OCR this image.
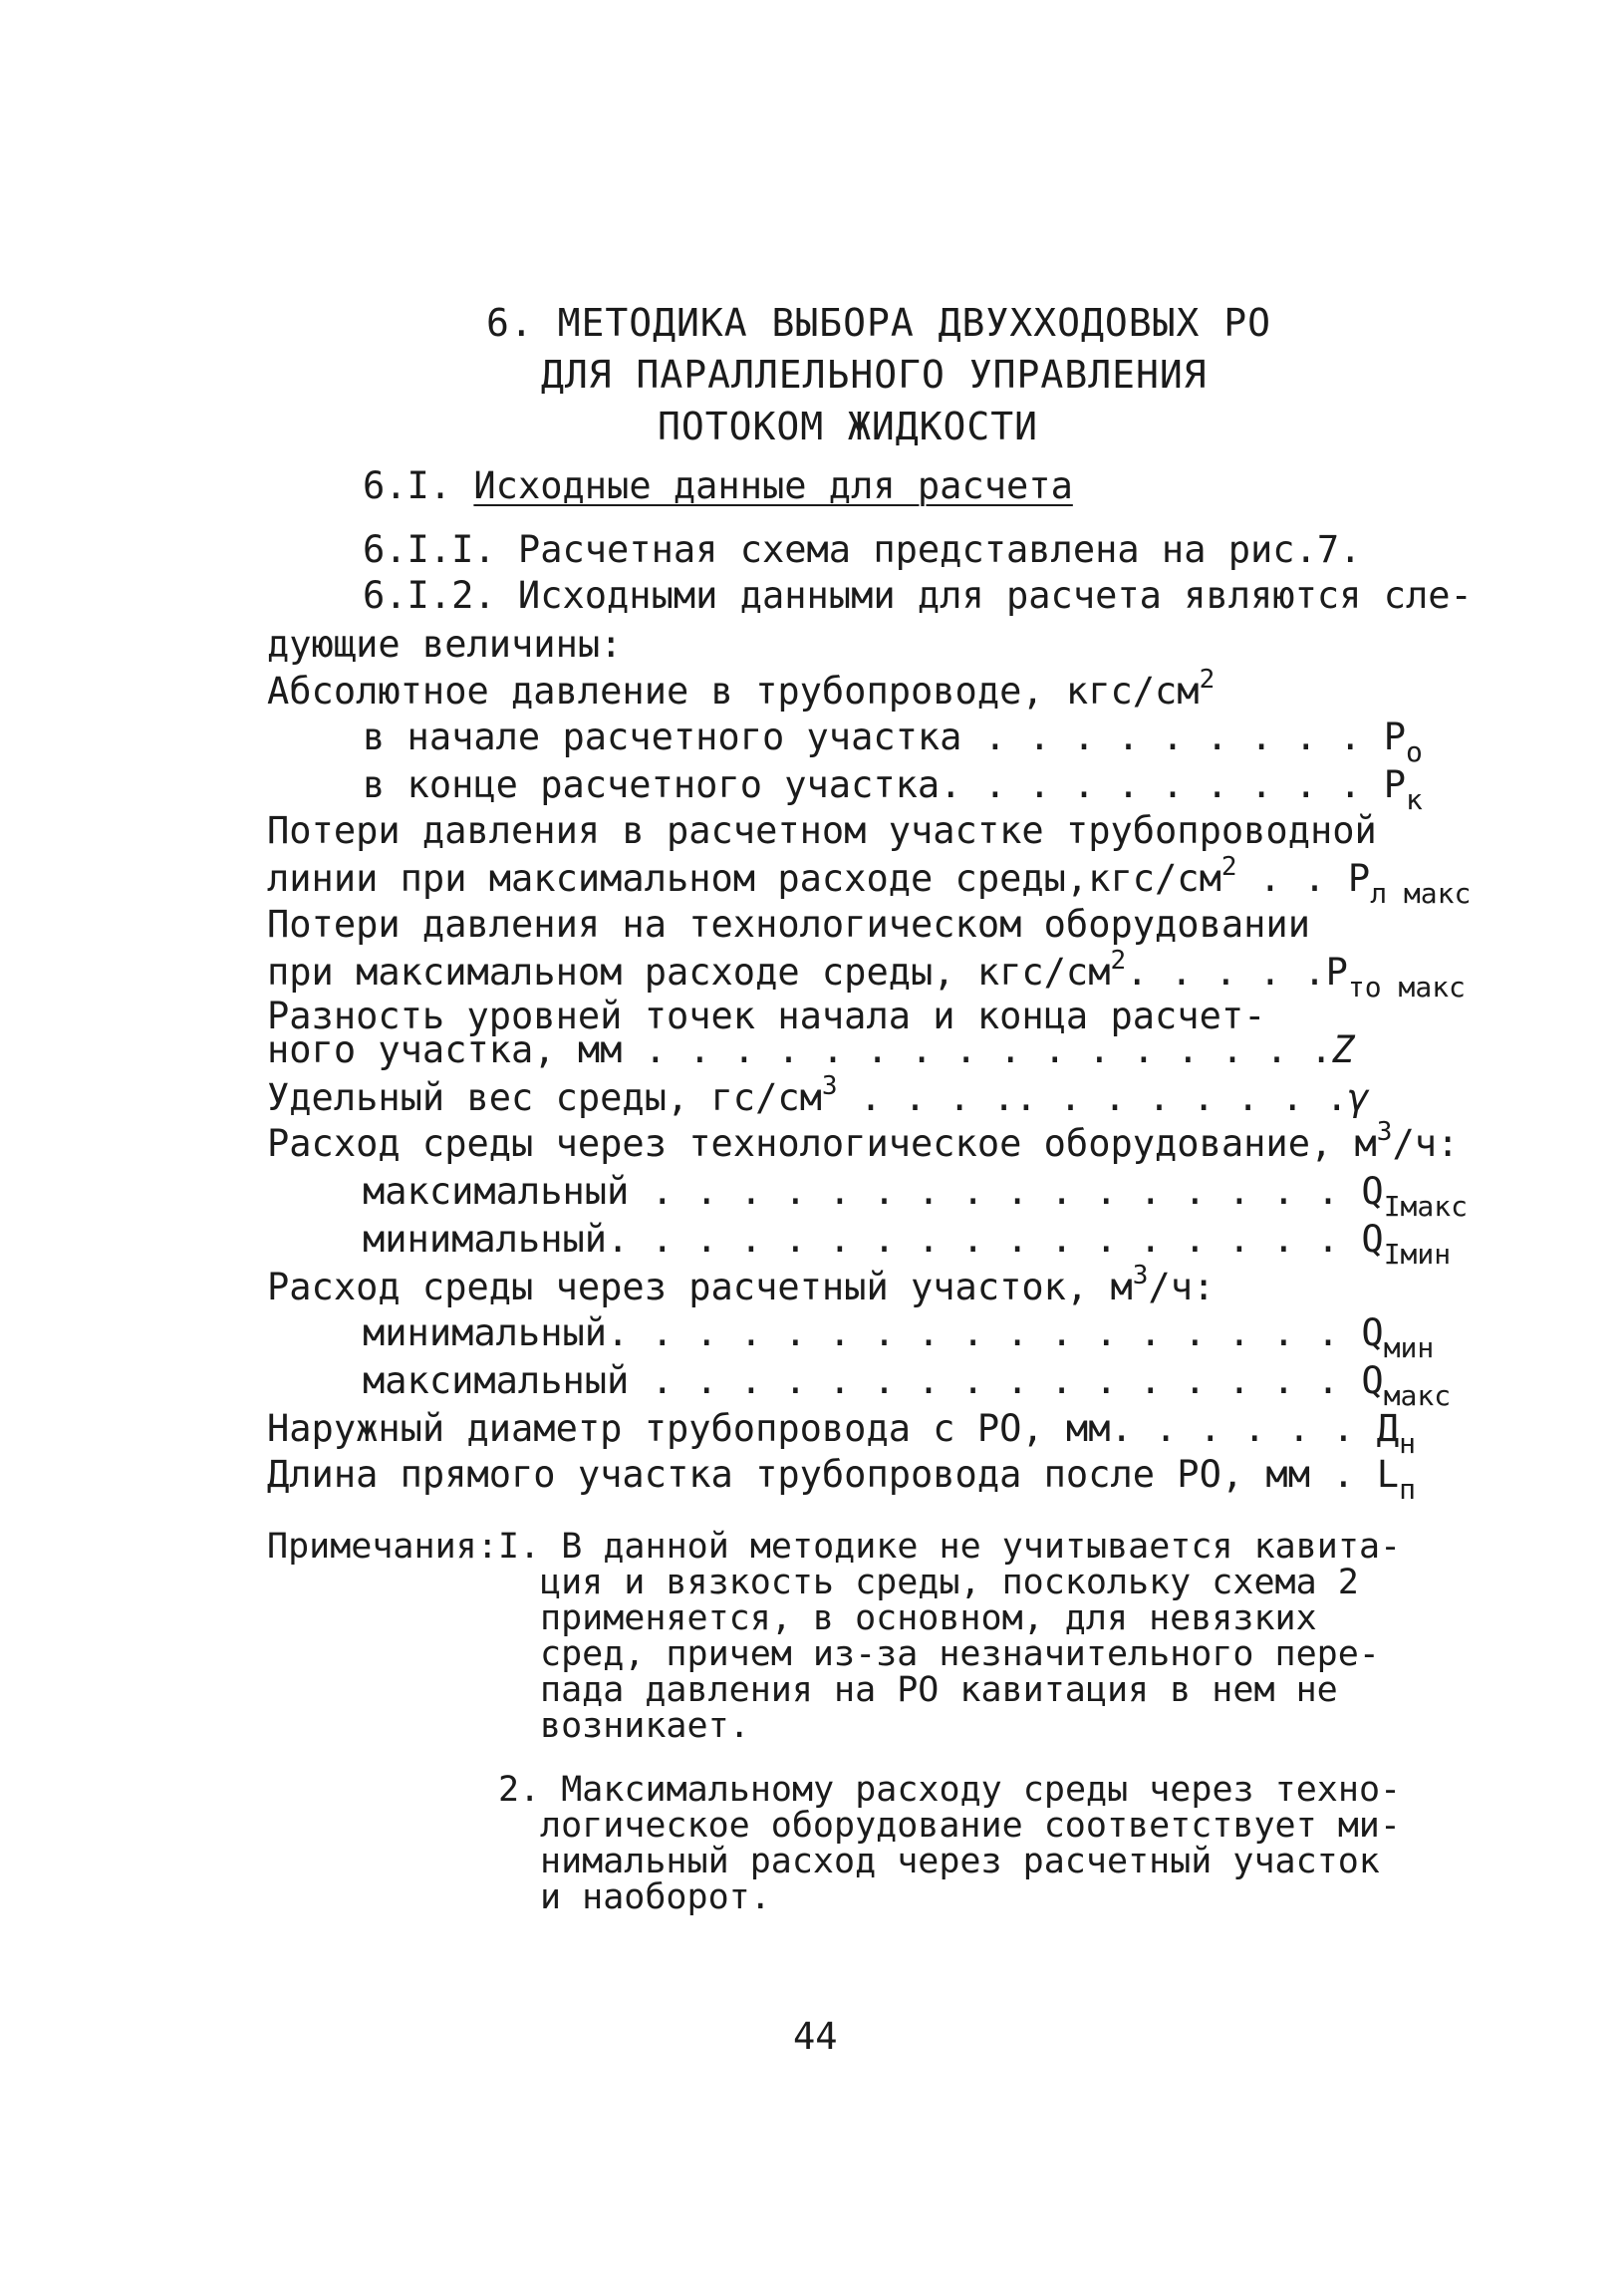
6. МЕТОДИКА ВЫБОРА ДВУХХОДОВЫХ РО
ДЛЯ ПАРАЛЛЕЛЬНОГО УПРАВЛЕНИЯ
ПОТОКОМ ЖИДКОСТИ
6.I. Исходные данные для расчета
6.I.I. Расчетная схема представлена на рис.7.
6.I.2. Исходными данными для расчета являются сле-
дующие величины:
Абсолютное давление в трубопроводе, кгс/$см^2$
в начале расчетного участка . . . . . . . . . $P_o$
в конце расчетного участка. . . . . . . . . . $P_к$
Потери давления в расчетном участке трубопроводной
линии при максимальном расходе $среды,кгс/см^2$ . . $P_{л макс}$
Потери давления на технологическом оборудовании
при максимальном расходе среды, кгс/$см^2$. . . . $.P_{то макс}$
Разность уровней точек начала и конца расчет-
ного участка, мм . . . . . . . . . . . . . . . .Z
Удельный вес среды, $гс/см^3$ . . . .. . . . . . . .γ
Расход среды через технологическое оборудование, $м^3/ч$:
максимальный . . . . . . . . . . . . . . . . $Q_{Iмакс}$
минимальный. . . . . . . . . . . . . . . . . $Q_{Iмин}$
Расход среды через расчетный участок, $м^3/ч$:
минимальный. . . . . . . . . . . . . . . . . $Q_{мин}$
максимальный . . . . . . . . . . . . . . . . $Q_{макс}$
Наружный диаметр трубопровода с РО, мм. . . . . . $Д_н$
Длина прямого участка трубопровода после РО, мм . $L_п$
Примечания: I. В данной методике не учитывается кавита-
ция и вязкость среды, поскольку схема 2
применяется, в основном, для невязких
сред, причем из-за незначительного пере-
пада давления на РО кавитация в нем не
возникает.
2. Максимальному расходу среды через техно-
логическое оборудование соответствует ми-
нимальный расход через расчетный участок
и наоборот.
44
